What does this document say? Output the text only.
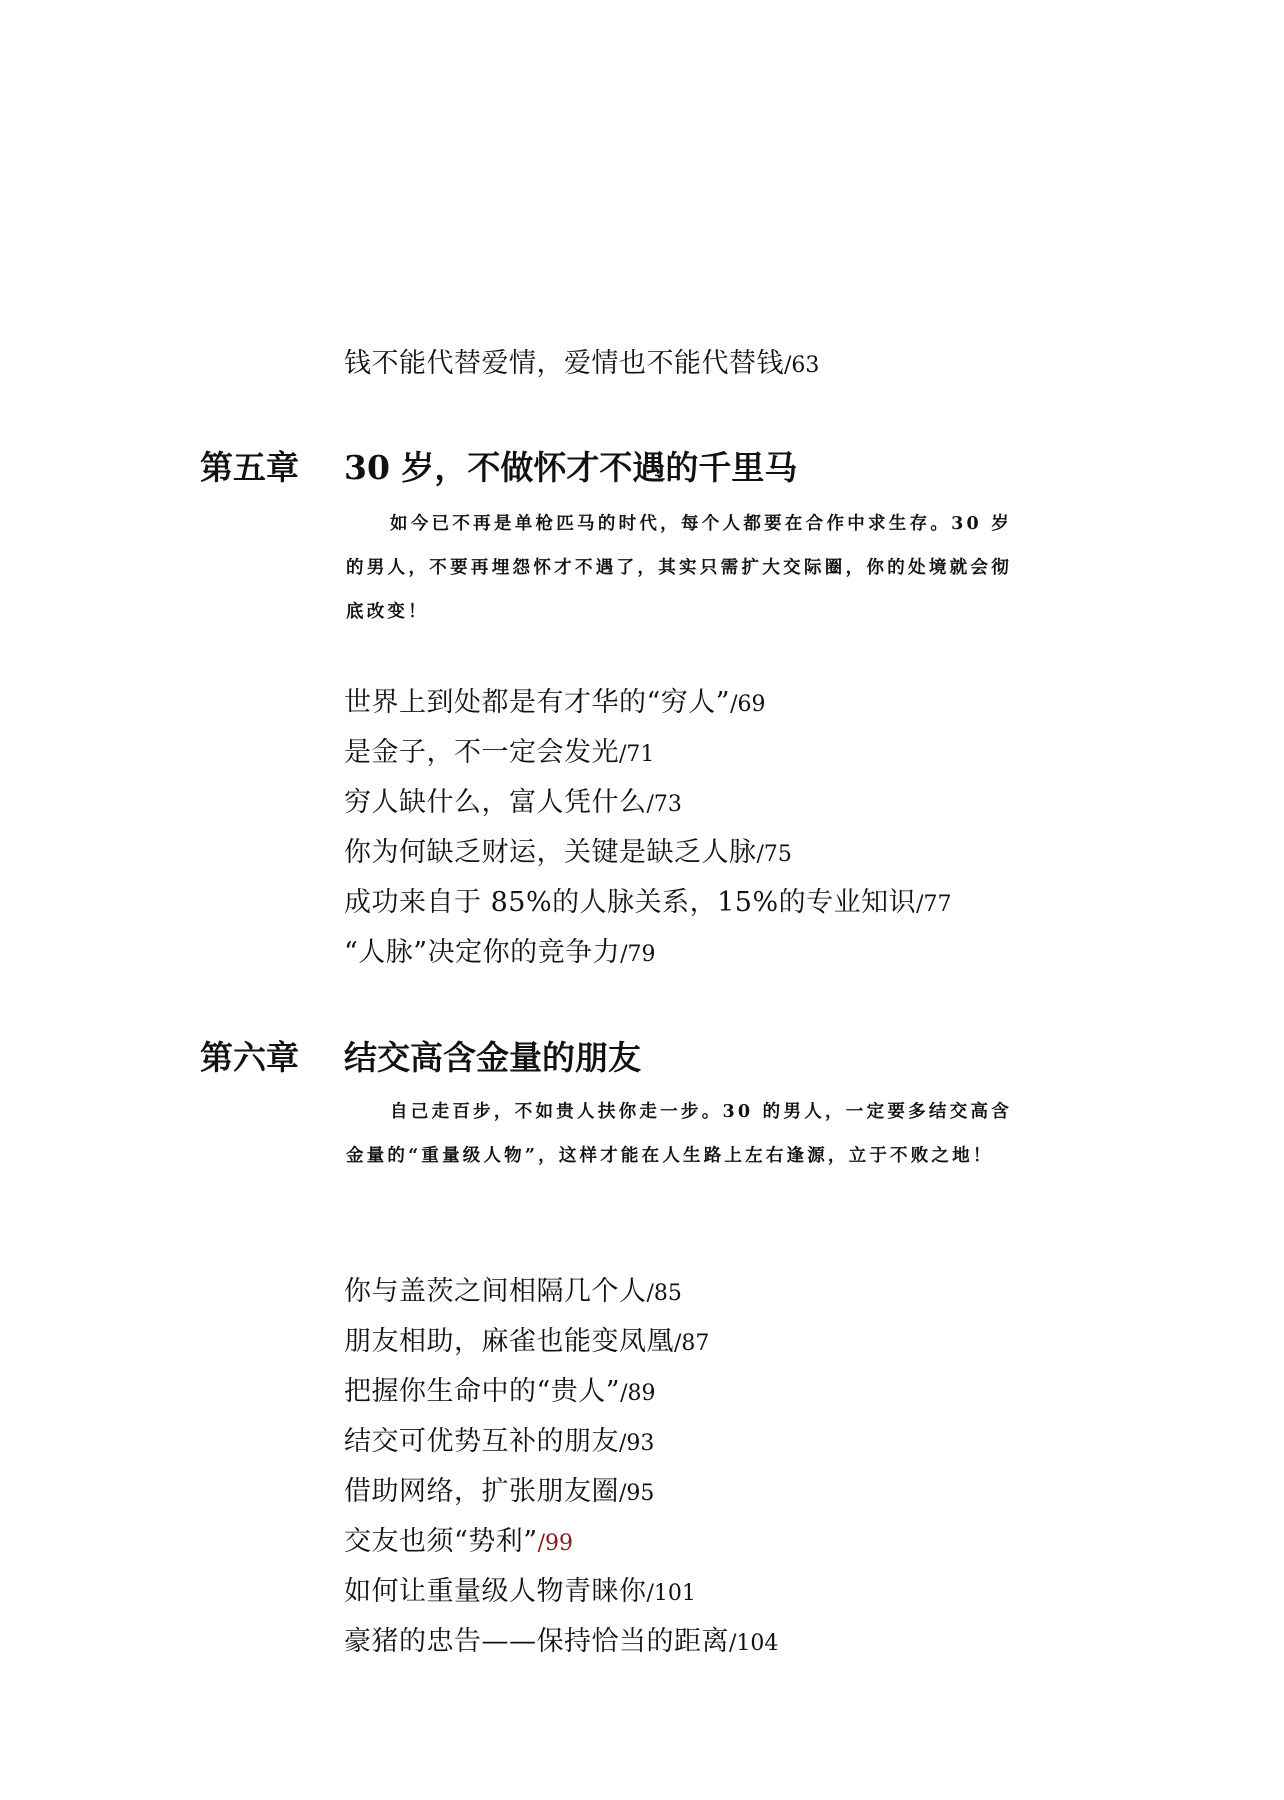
钱不能代替爱情，爱情也不能代替钱/63
第五章 30 岁，不做怀才不遇的千里马
如今已不再是单枪匹马的时代，每个人都要在合作中求生存。30 岁的男人，不要再埋怨怀才不遇了，其实只需扩大交际圈，你的处境就会彻底改变！
世界上到处都是有才华的“穷人”/69
是金子，不一定会发光/71
穷人缺什么，富人凭什么/73
你为何缺乏财运，关键是缺乏人脉/75
成功来自于 85%的人脉关系，15%的专业知识/77
“人脉”决定你的竞争力/79
第六章 结交高含金量的朋友
自己走百步，不如贵人扶你走一步。30 的男人，一定要多结交高含金量的“重量级人物”，这样才能在人生路上左右逢源，立于不败之地！
你与盖茨之间相隔几个人/85
朋友相助，麻雀也能变凤凰/87
把握你生命中的“贵人”/89
结交可优势互补的朋友/93
借助网络，扩张朋友圈/95
交友也须“势利”/99
如何让重量级人物青睐你/101
豪猪的忠告——保持恰当的距离/104
